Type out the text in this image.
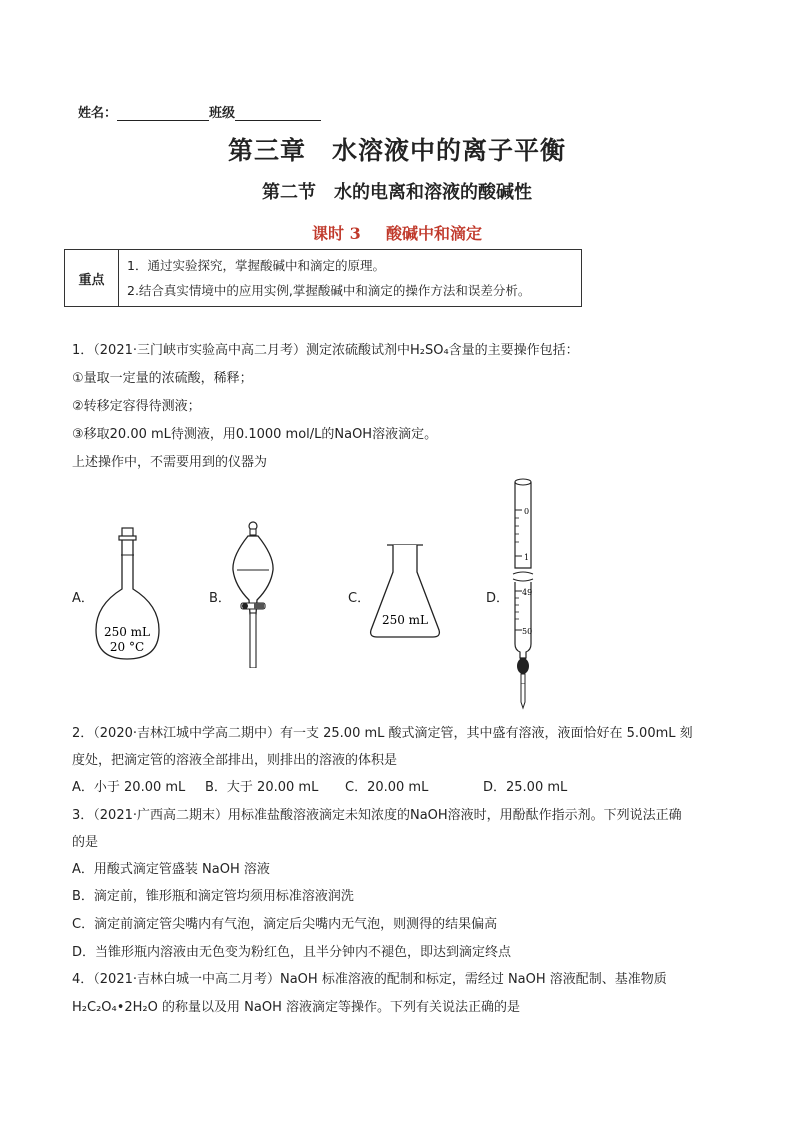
姓名：	班级
第三章　水溶液中的离子平衡
第二节　水的电离和溶液的酸碱性
课时 3 酸碱中和滴定
重点
1．通过实验探究，掌握酸碱中和滴定的原理。
2.结合真实情境中的应用实例,掌握酸碱中和滴定的操作方法和误差分析。
1．（2021·三门峡市实验高中高二月考）测定浓硫酸试剂中H₂SO₄含量的主要操作包括：
①量取一定量的浓硫酸，稀释；
②转移定容得待测液；
③移取20.00 mL待测液，用0.1000 mol/L的NaOH溶液滴定。
上述操作中，不需要用到的仪器为
A．	B．	C．	D．
250 mL
20 °C
250 mL
0
1
49
50
2．（2020·吉林江城中学高二期中）有一支 25.00 mL 酸式滴定管，其中盛有溶液，液面恰好在 5.00mL 刻
度处，把滴定管的溶液全部排出，则排出的溶液的体积是
A．小于 20.00 mL B．大于 20.00 mL C．20.00 mL	D．25.00 mL
3．（2021·广西高二期末）用标准盐酸溶液滴定未知浓度的NaOH溶液时，用酚酞作指示剂。下列说法正确
的是
A．用酸式滴定管盛装 NaOH 溶液
B．滴定前，锥形瓶和滴定管均须用标准溶液润洗
C．滴定前滴定管尖嘴内有气泡，滴定后尖嘴内无气泡，则测得的结果偏高
D．当锥形瓶内溶液由无色变为粉红色，且半分钟内不褪色，即达到滴定终点
4．（2021·吉林白城一中高二月考）NaOH 标准溶液的配制和标定，需经过 NaOH 溶液配制、基准物质
H₂C₂O₄•2H₂O 的称量以及用 NaOH 溶液滴定等操作。下列有关说法正确的是
